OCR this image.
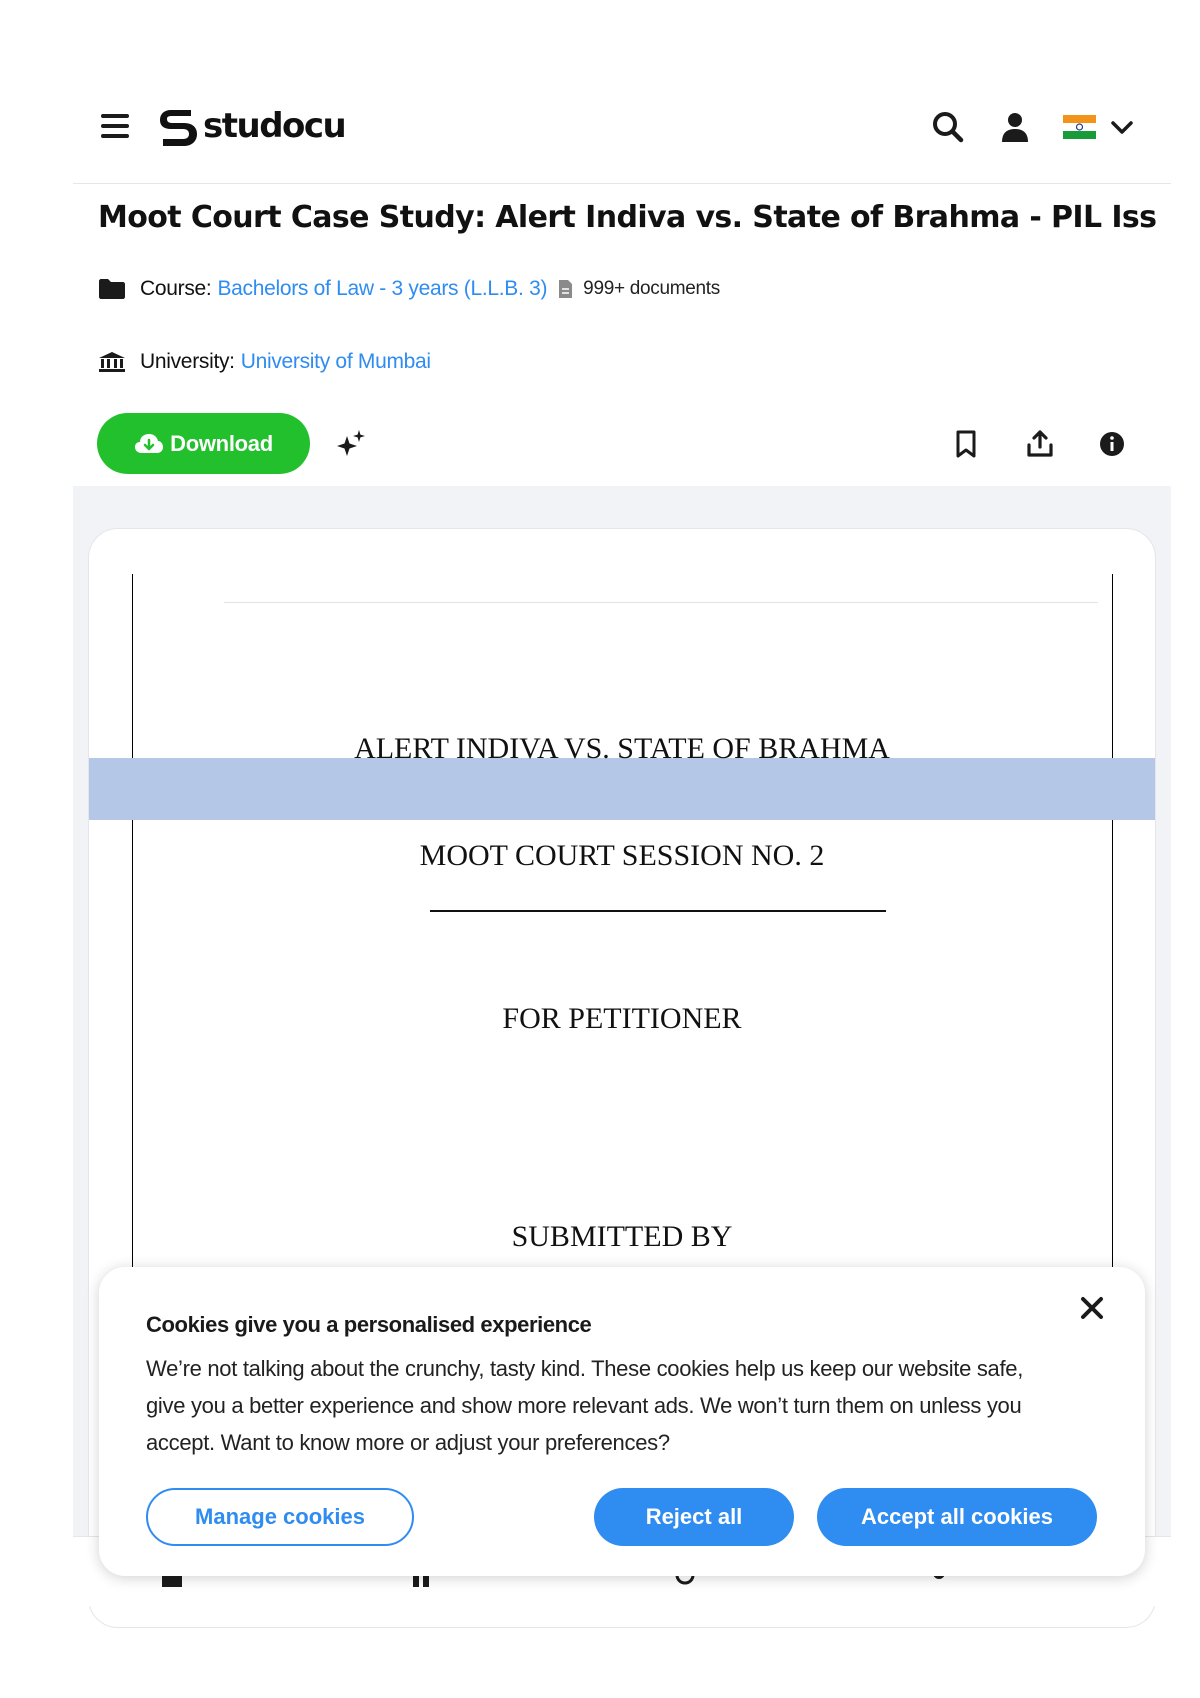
studocu
Moot Court Case Study: Alert Indiva vs. State of Brahma - PIL Iss
Course: Bachelors of Law - 3 years (L.L.B. 3) 999+ documents
University: University of Mumbai
Download
ALERT INDIVA VS. STATE OF BRAHMA
MOOT COURT SESSION NO. 2
FOR PETITIONER
SUBMITTED BY
Cookies give you a personalised experience
We’re not talking about the crunchy, tasty kind. These cookies help us keep our website safe, give you a better experience and show more relevant ads. We won’t turn them on unless you accept. Want to know more or adjust your preferences?
Manage cookies	Reject all	Accept all cookies
